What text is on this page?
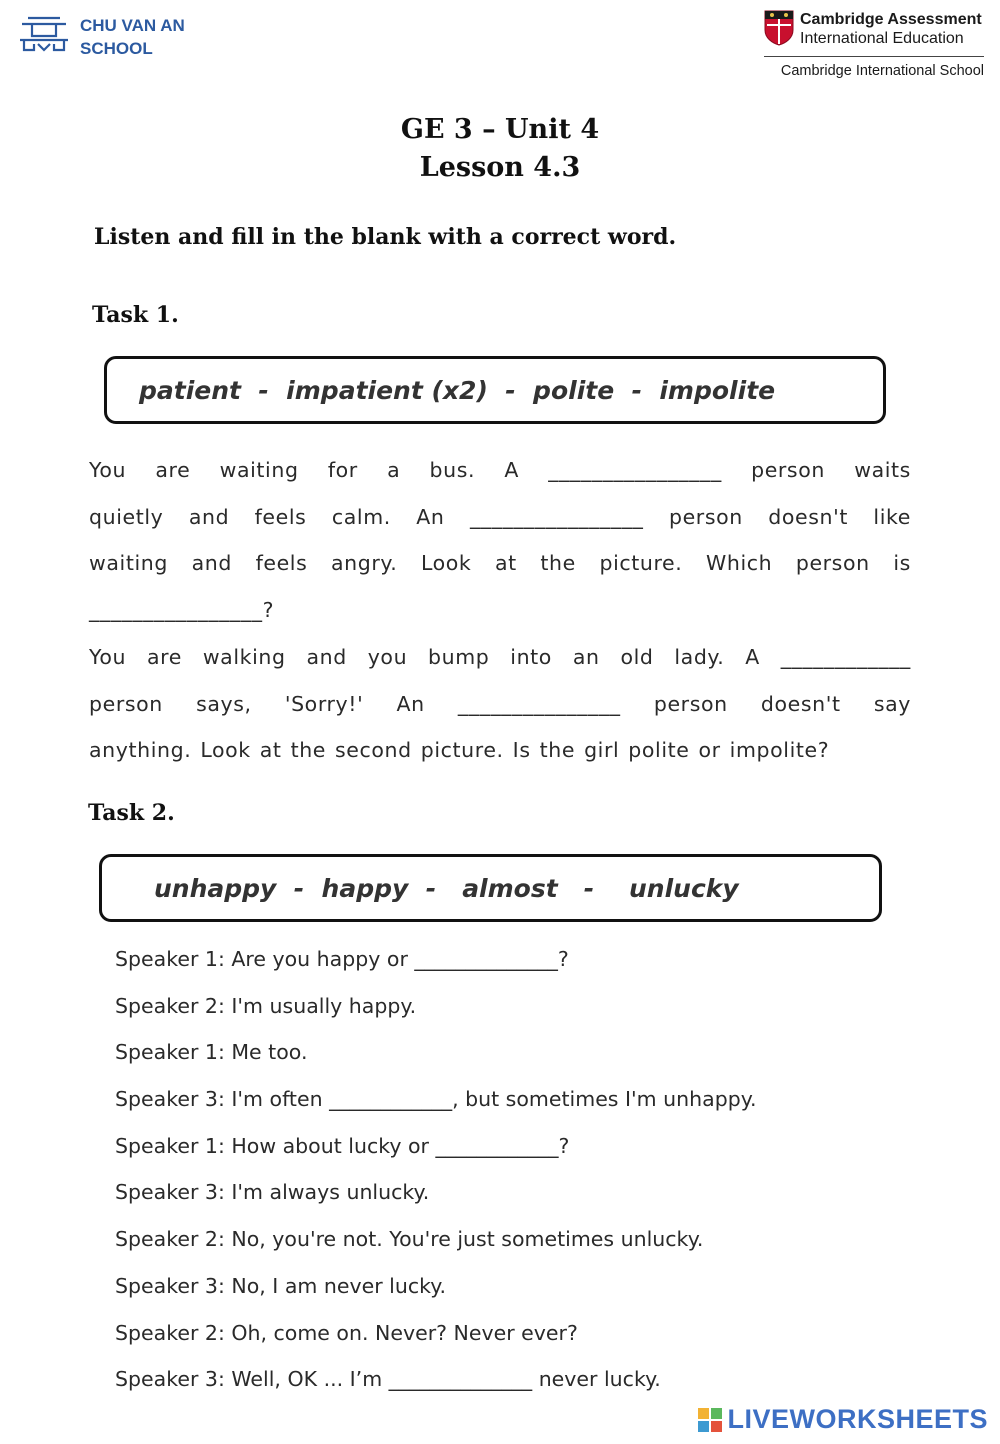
CHU VAN AN
SCHOOL
Cambridge Assessment
International Education
Cambridge International School
GE 3 – Unit 4
Lesson 4.3
Listen and fill in the blank with a correct word.
Task 1.
patient  -  impatient (x2)  -  polite  -  impolite
You are waiting for a bus. A ________________ person waits
quietly and feels calm. An ________________ person doesn't like
waiting and feels angry. Look at the picture. Which person is
________________?
You are walking and you bump into an old lady. A ____________
person says, 'Sorry!' An _______________ person doesn't say
anything. Look at the second picture. Is the girl polite or impolite?
Task 2.
unhappy  -  happy  -   almost   -    unlucky
Speaker 1: Are you happy or ______________?
Speaker 2: I'm usually happy.
Speaker 1: Me too.
Speaker 3: I'm often ____________, but sometimes I'm unhappy.
Speaker 1: How about lucky or ____________?
Speaker 3: I'm always unlucky.
Speaker 2: No, you're not. You're just sometimes unlucky.
Speaker 3: No, I am never lucky.
Speaker 2: Oh, come on. Never? Never ever?
Speaker 3: Well, OK ... I’m ______________ never lucky.
LIVEWORKSHEETS
